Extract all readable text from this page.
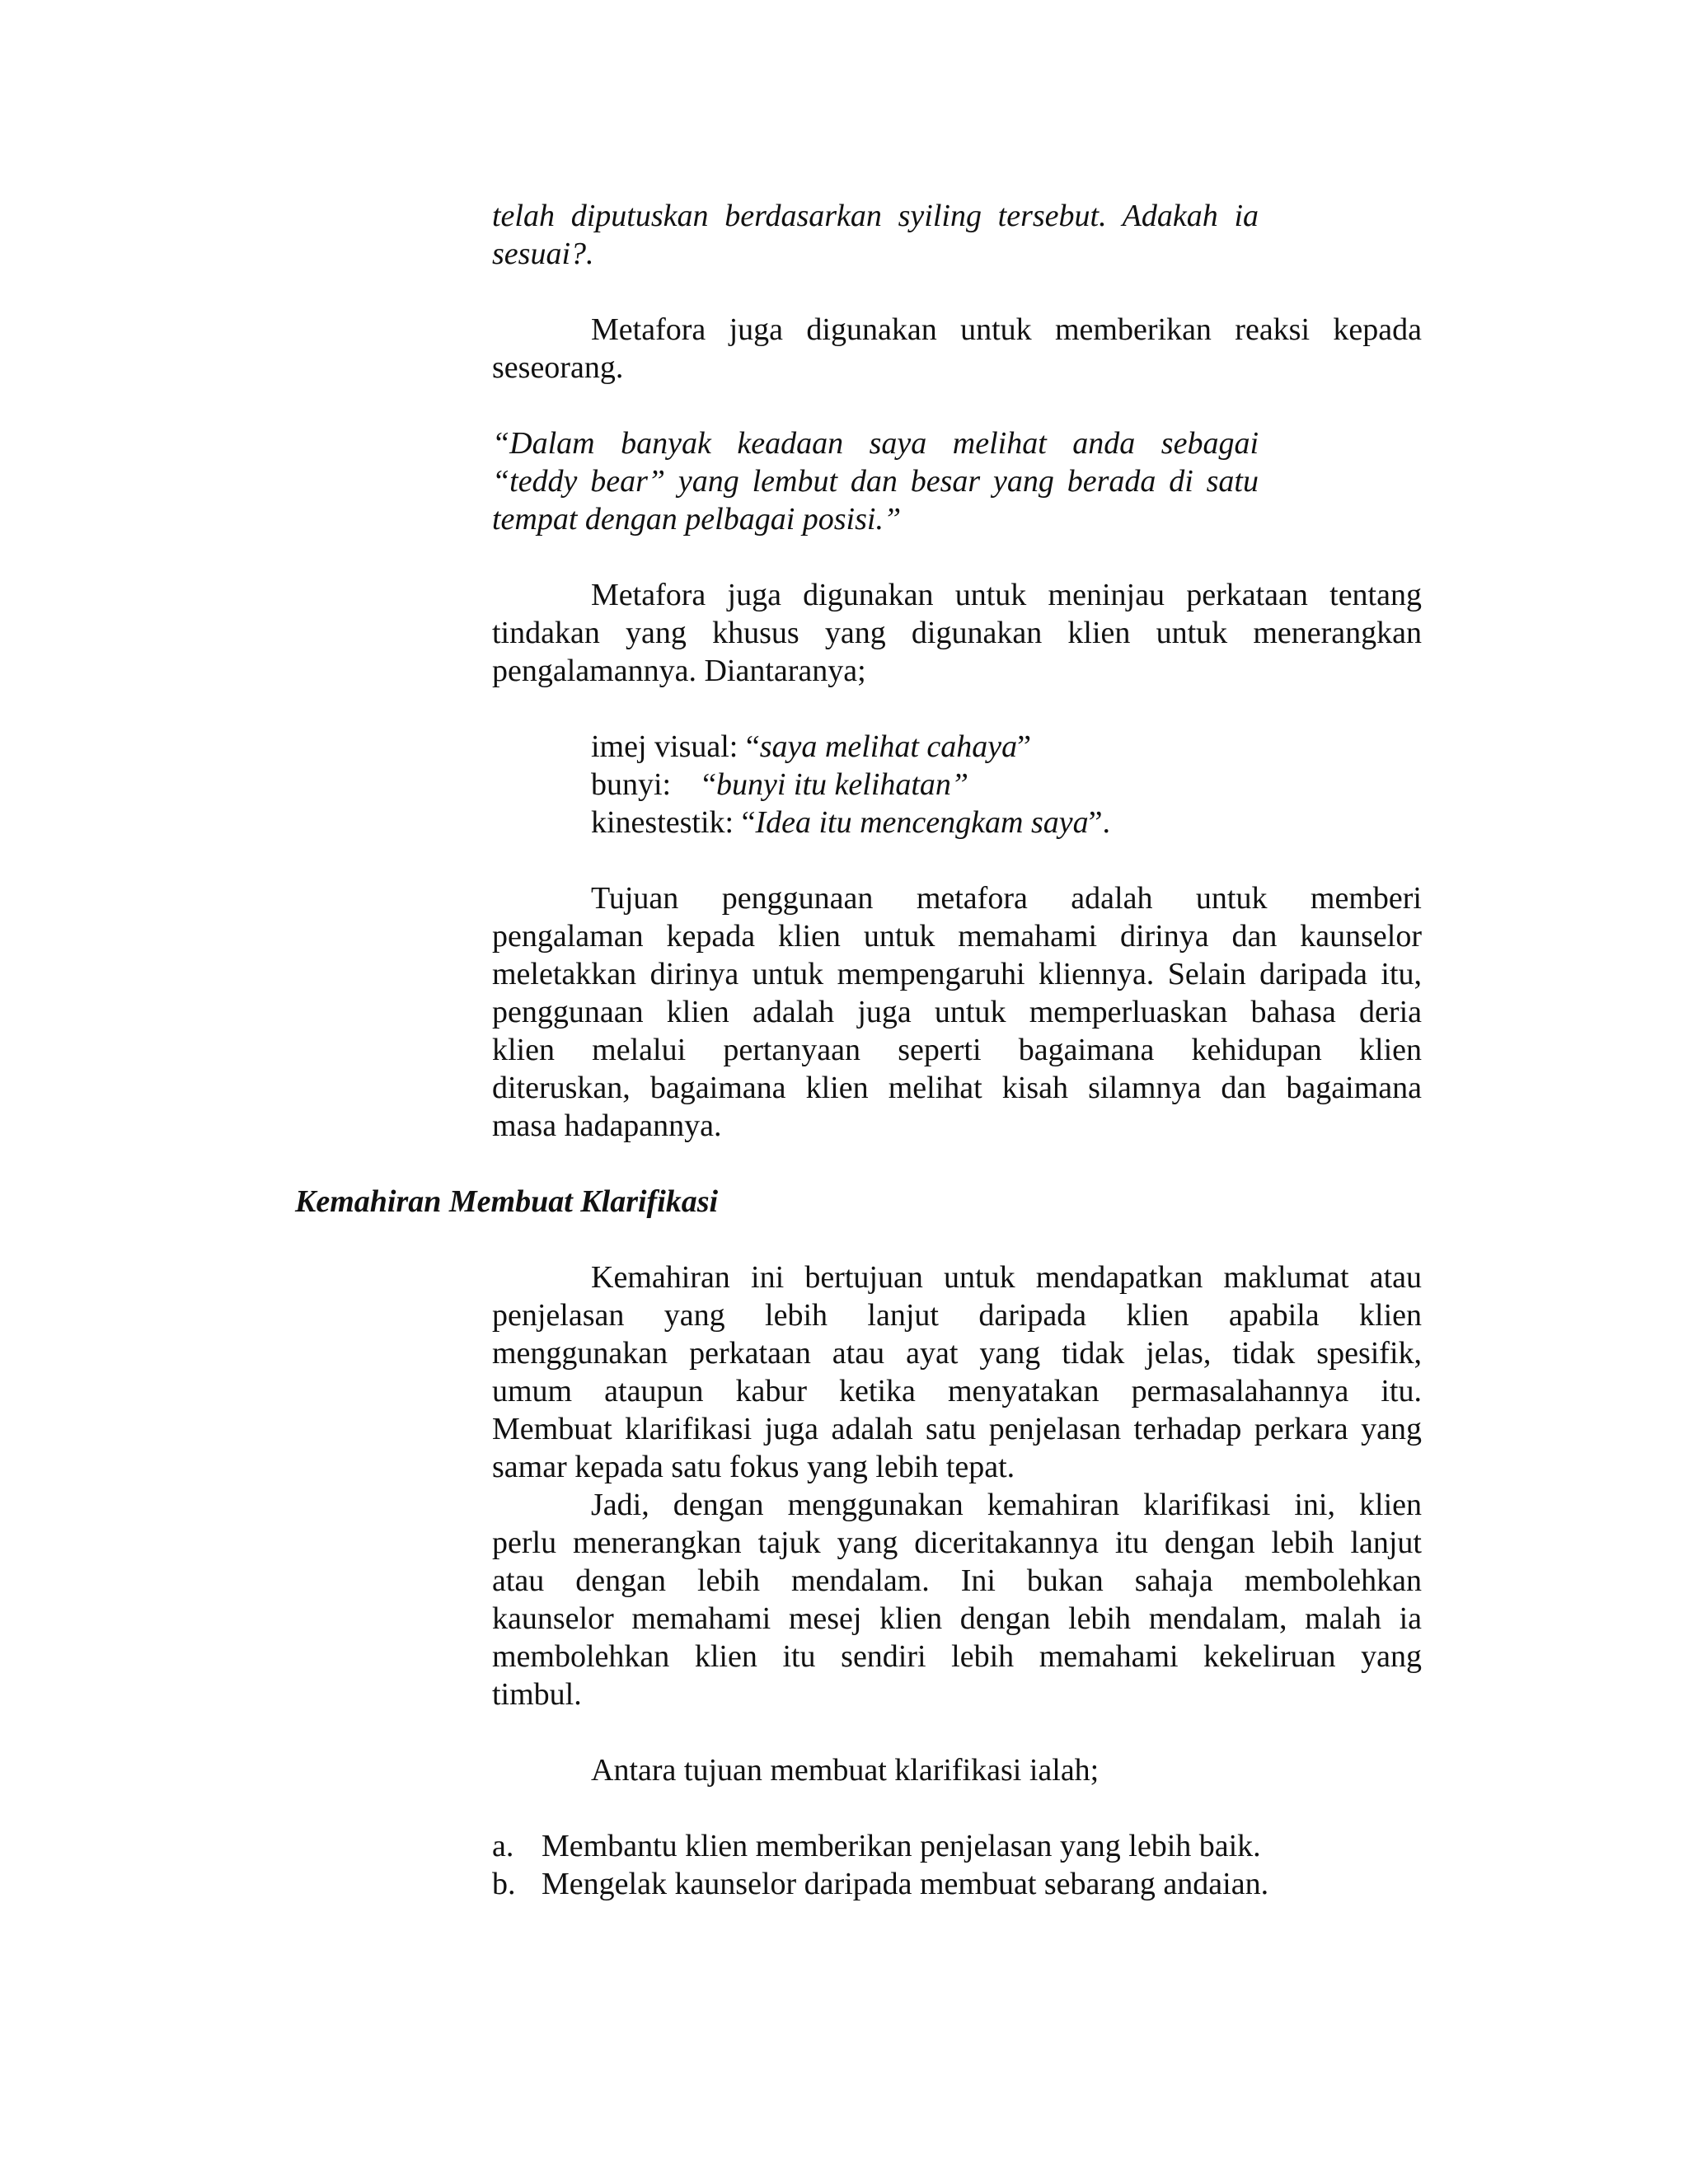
telah diputuskan berdasarkan syiling tersebut. Adakah ia
sesuai?.
Metafora juga digunakan untuk memberikan reaksi kepada
seseorang.
“Dalam banyak keadaan saya melihat anda sebagai
“teddy bear” yang lembut dan besar yang berada di satu
tempat dengan pelbagai posisi.”
Metafora juga digunakan untuk meninjau perkataan tentang
tindakan yang khusus yang digunakan klien untuk menerangkan
pengalamannya. Diantaranya;
imej visual: “saya melihat cahaya”
bunyi:    “bunyi itu kelihatan”
kinestestik: “Idea itu mencengkam saya”.
Tujuan penggunaan metafora adalah untuk memberi
pengalaman kepada klien untuk memahami dirinya dan kaunselor
meletakkan dirinya untuk mempengaruhi kliennya. Selain daripada itu,
penggunaan klien adalah juga untuk memperluaskan bahasa deria
klien melalui pertanyaan seperti bagaimana kehidupan klien
diteruskan, bagaimana klien melihat kisah silamnya dan bagaimana
masa hadapannya.
Kemahiran Membuat Klarifikasi
Kemahiran ini bertujuan untuk mendapatkan maklumat atau
penjelasan yang lebih lanjut daripada klien apabila klien
menggunakan perkataan atau ayat yang tidak jelas, tidak spesifik,
umum ataupun kabur ketika menyatakan permasalahannya itu.
Membuat klarifikasi juga adalah satu penjelasan terhadap perkara yang
samar kepada satu fokus yang lebih tepat.
Jadi, dengan menggunakan kemahiran klarifikasi ini, klien
perlu menerangkan tajuk yang diceritakannya itu dengan lebih lanjut
atau dengan lebih mendalam. Ini bukan sahaja membolehkan
kaunselor memahami mesej klien dengan lebih mendalam, malah ia
membolehkan klien itu sendiri lebih memahami kekeliruan yang
timbul.
Antara tujuan membuat klarifikasi ialah;
a. Membantu klien memberikan penjelasan yang lebih baik.
b. Mengelak kaunselor daripada membuat sebarang andaian.
